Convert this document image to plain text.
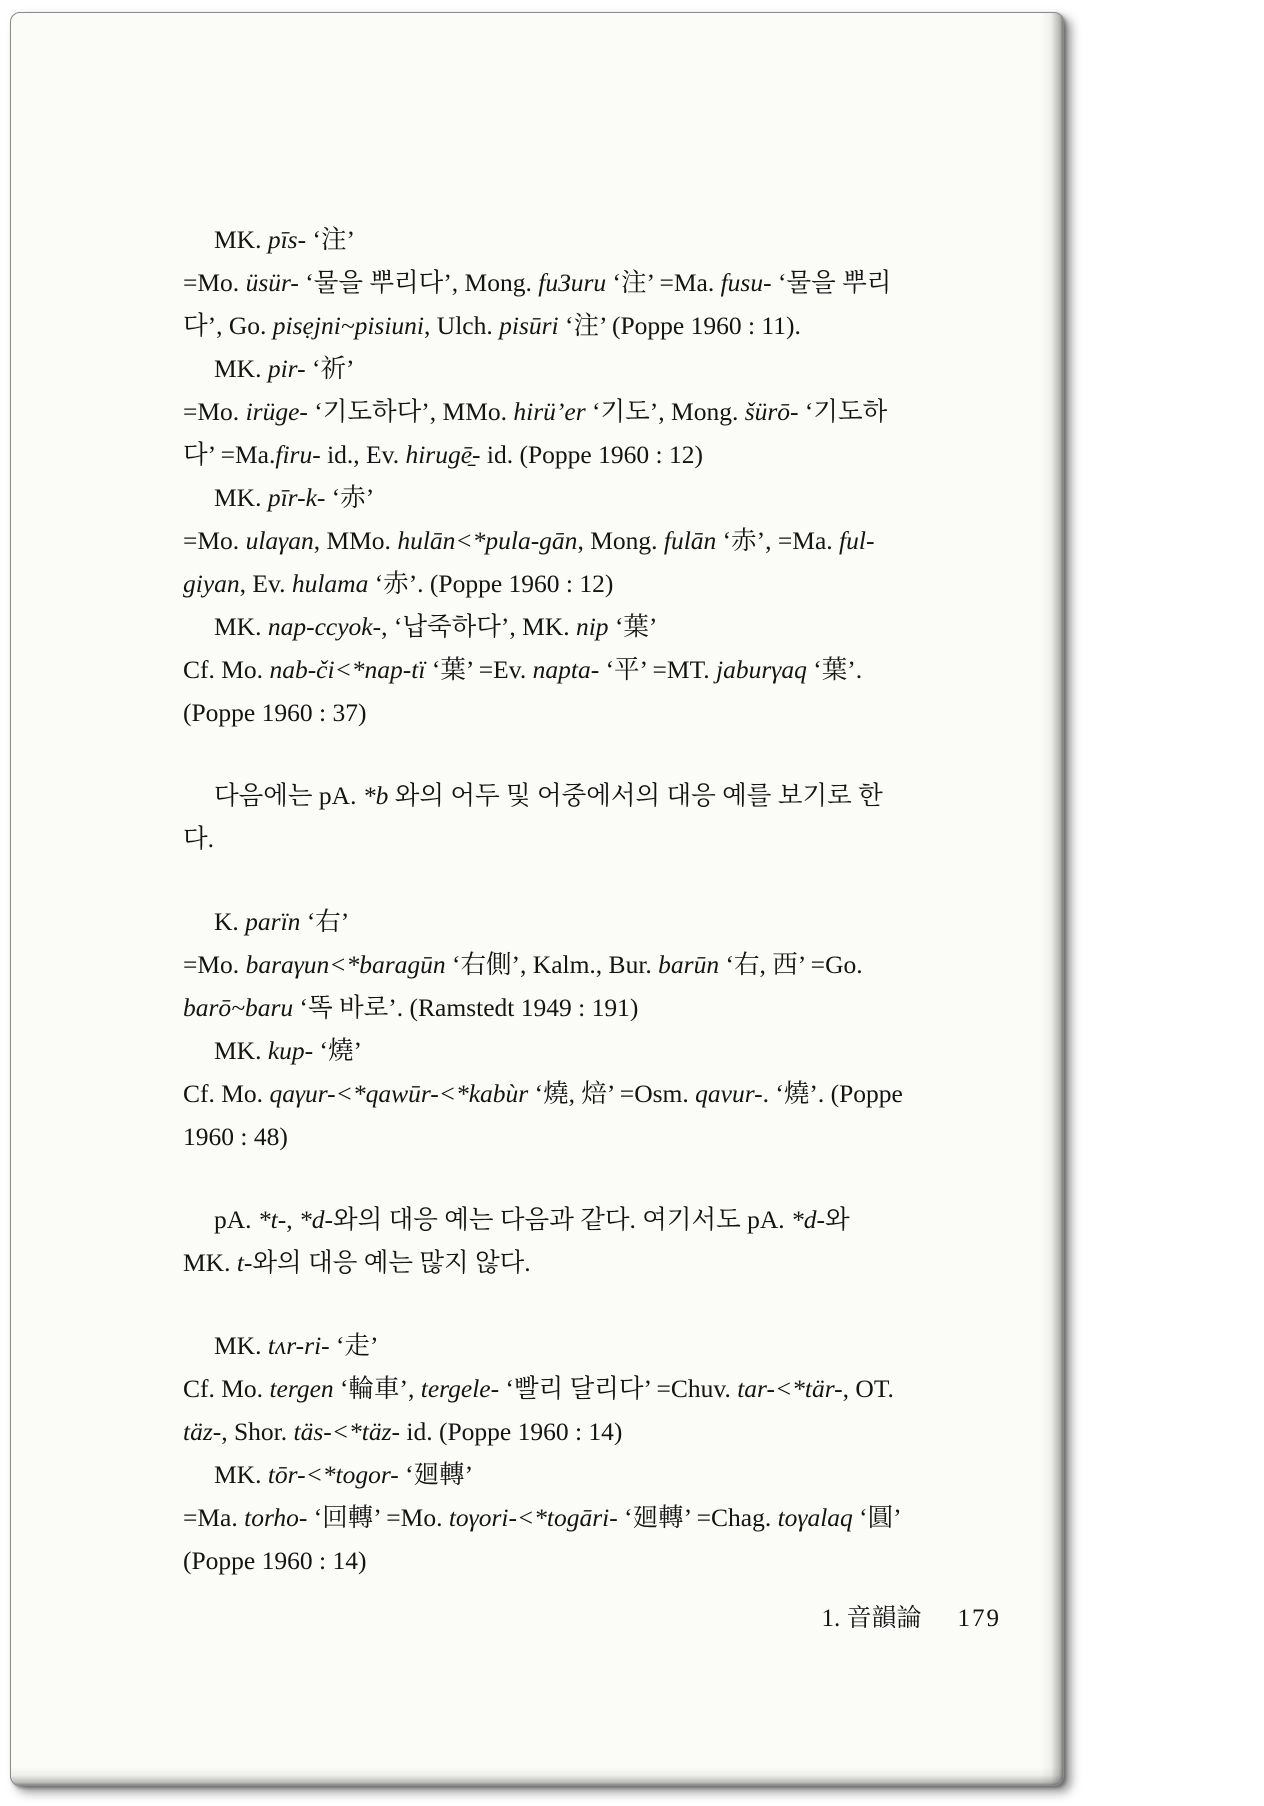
MK. pīs- ‘注’
=Mo. üsür- ‘물을 뿌리다’, Mong. fuЗuru ‘注’ =Ma. fusu- ‘물을 뿌리
다’, Go. pisẹjni~pisiuni, Ulch. pisūri ‘注’ (Poppe 1960 : 11).
MK. pir- ‘祈’
=Mo. irüge- ‘기도하다’, MMo. hirü’er ‘기도’, Mong. šürō- ‘기도하
다’ =Ma.firu- id., Ev. hirugē̱- id. (Poppe 1960 : 12)
MK. pīr-k- ‘赤’
=Mo. ulaγan, MMo. hulān<*pula-gān, Mong. fulān ‘赤’, =Ma. ful-
giyan, Ev. hulama ‘赤’. (Poppe 1960 : 12)
MK. nap-ccyok-, ‘납죽하다’, MK. nip ‘葉’
Cf. Mo. nab-či<*nap-tï ‘葉’ =Ev. napta- ‘平’ =MT. jaburγaq ‘葉’.
(Poppe 1960 : 37)
다음에는 pA. *b 와의 어두 및 어중에서의 대응 예를 보기로 한
다.
K. parïn ‘右’
=Mo. baraγun<*baragūn ‘右側’, Kalm., Bur. barūn ‘右, 西’ =Go.
barō~baru ‘똑 바로’. (Ramstedt 1949 : 191)
MK. kup- ‘燒’
Cf. Mo. qaγur-<*qawūr-<*kabùr ‘燒, 焙’ =Osm. qavur-. ‘燒’. (Poppe
1960 : 48)
pA. *t-, *d-와의 대응 예는 다음과 같다. 여기서도 pA. *d-와
MK. t-와의 대응 예는 많지 않다.
MK. tʌr-ri- ‘走’
Cf. Mo. tergen ‘輪車’, tergele- ‘빨리 달리다’ =Chuv. tar-<*tär-, OT.
täz-, Shor. täs-<*täz- id. (Poppe 1960 : 14)
MK. tōr-<*togor- ‘廻轉’
=Ma. torho- ‘回轉’ =Mo. toγori-<*togāri- ‘廻轉’ =Chag. toγalaq ‘圓’
(Poppe 1960 : 14)
1. 音韻論 179
